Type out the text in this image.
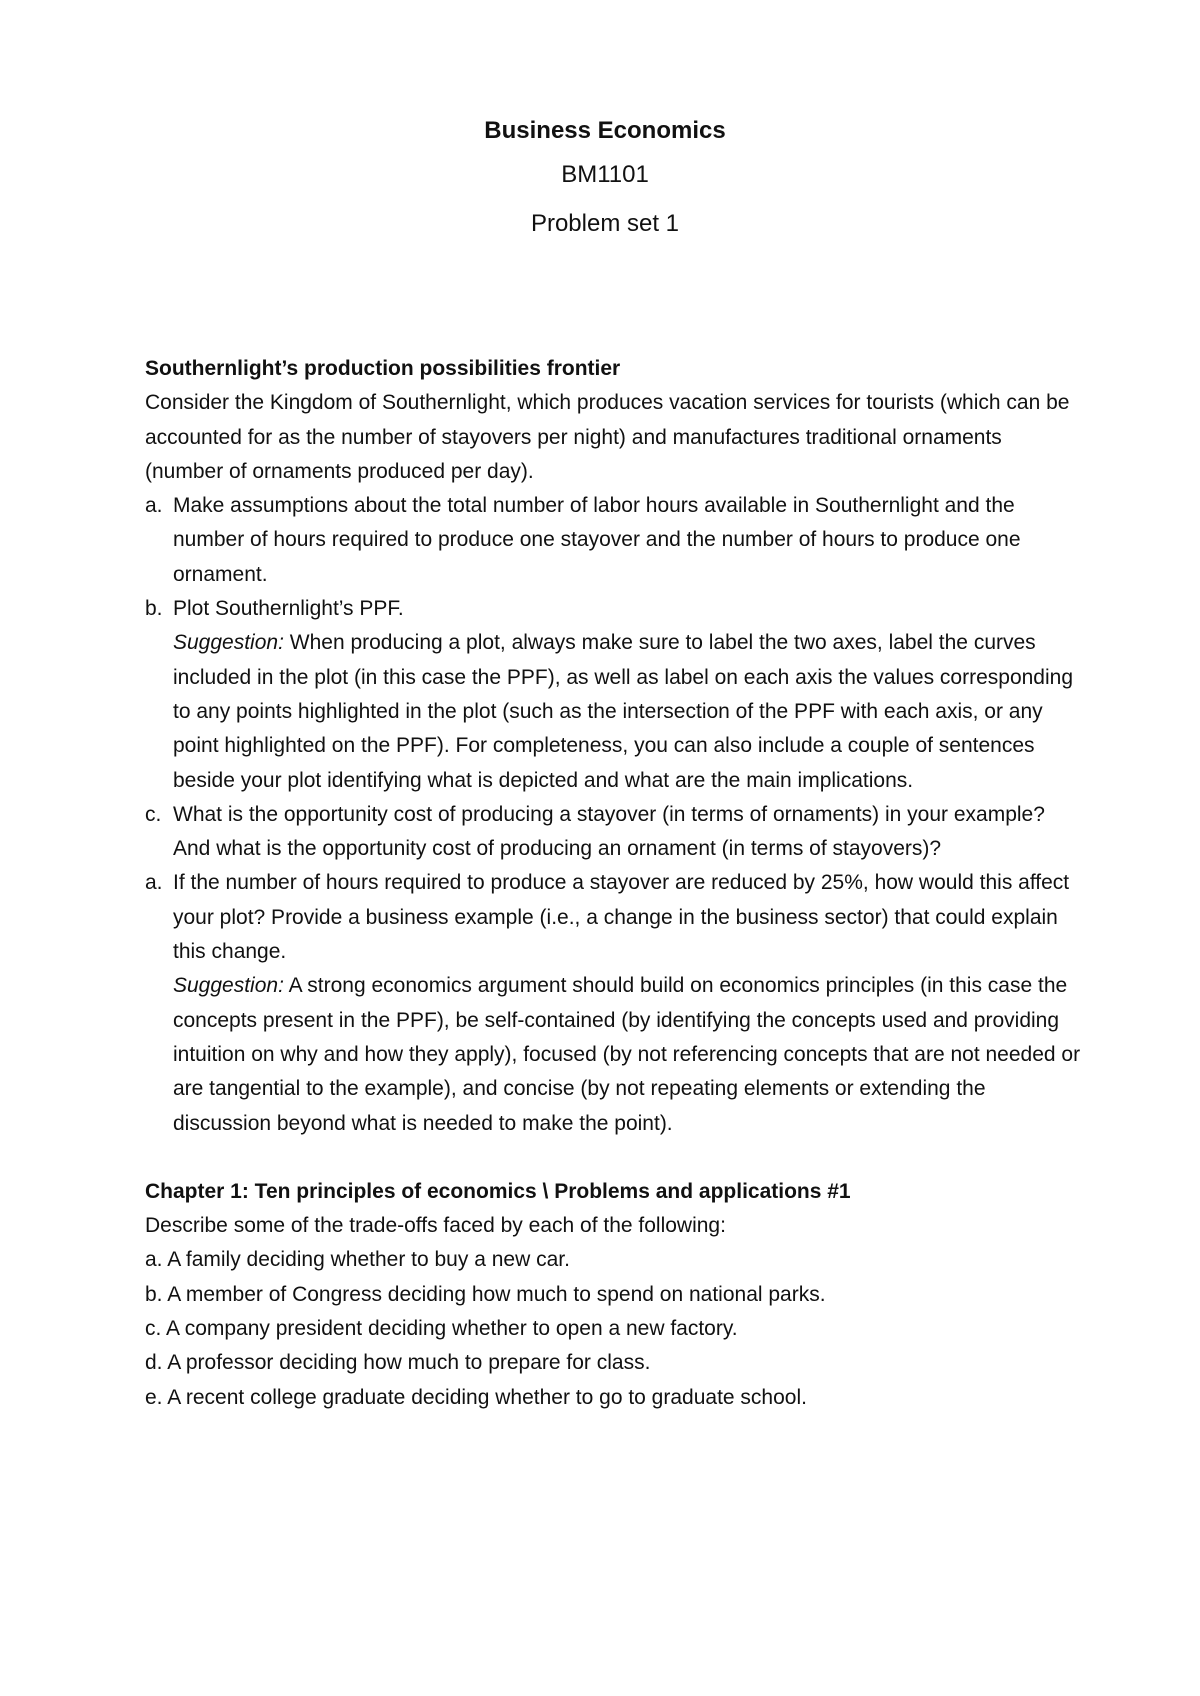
Business Economics

BM1101

Problem set 1

Southernlight’s production possibilities frontier

Consider the Kingdom of Southernlight, which produces vacation services for tourists (which can be accounted for as the number of stayovers per night) and manufactures traditional ornaments (number of ornaments produced per day).

a. Make assumptions about the total number of labor hours available in Southernlight and the number of hours required to produce one stayover and the number of hours to produce one ornament.
b. Plot Southernlight’s PPF.
Suggestion: When producing a plot, always make sure to label the two axes, label the curves included in the plot (in this case the PPF), as well as label on each axis the values corresponding to any points highlighted in the plot (such as the intersection of the PPF with each axis, or any point highlighted on the PPF). For completeness, you can also include a couple of sentences beside your plot identifying what is depicted and what are the main implications.
c. What is the opportunity cost of producing a stayover (in terms of ornaments) in your example? And what is the opportunity cost of producing an ornament (in terms of stayovers)?
a. If the number of hours required to produce a stayover are reduced by 25%, how would this affect your plot? Provide a business example (i.e., a change in the business sector) that could explain this change.
Suggestion: A strong economics argument should build on economics principles (in this case the concepts present in the PPF), be self-contained (by identifying the concepts used and providing intuition on why and how they apply), focused (by not referencing concepts that are not needed or are tangential to the example), and concise (by not repeating elements or extending the discussion beyond what is needed to make the point).

Chapter 1: Ten principles of economics \ Problems and applications #1

Describe some of the trade-offs faced by each of the following:

a. A family deciding whether to buy a new car.
b. A member of Congress deciding how much to spend on national parks.
c. A company president deciding whether to open a new factory.
d. A professor deciding how much to prepare for class.
e. A recent college graduate deciding whether to go to graduate school.
